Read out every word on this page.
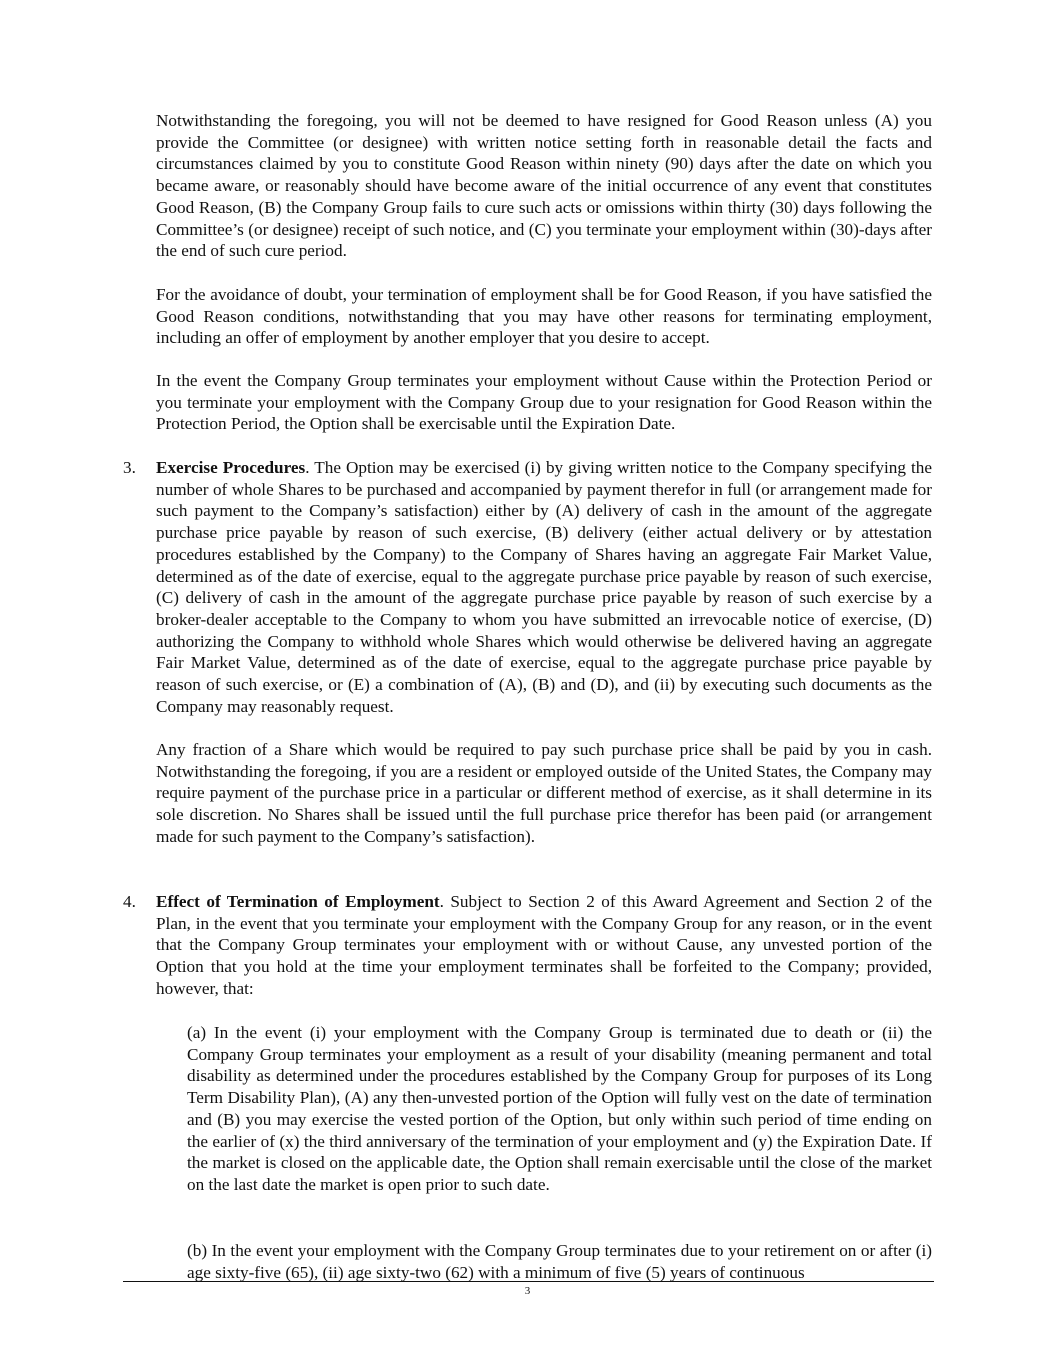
Notwithstanding the foregoing, you will not be deemed to have resigned for Good Reason unless (A) you provide the Committee (or designee) with written notice setting forth in reasonable detail the facts and circumstances claimed by you to constitute Good Reason within ninety (90) days after the date on which you became aware, or reasonably should have become aware of the initial occurrence of any event that constitutes Good Reason, (B) the Company Group fails to cure such acts or omissions within thirty (30) days following the Committee’s (or designee) receipt of such notice, and (C) you terminate your employment within (30)-days after the end of such cure period.

For the avoidance of doubt, your termination of employment shall be for Good Reason, if you have satisfied the Good Reason conditions, notwithstanding that you may have other reasons for terminating employment, including an offer of employment by another employer that you desire to accept.

In the event the Company Group terminates your employment without Cause within the Protection Period or you terminate your employment with the Company Group due to your resignation for Good Reason within the Protection Period, the Option shall be exercisable until the Expiration Date.

3. Exercise Procedures. The Option may be exercised (i) by giving written notice to the Company specifying the number of whole Shares to be purchased and accompanied by payment therefor in full (or arrangement made for such payment to the Company’s satisfaction) either by (A) delivery of cash in the amount of the aggregate purchase price payable by reason of such exercise, (B) delivery (either actual delivery or by attestation procedures established by the Company) to the Company of Shares having an aggregate Fair Market Value, determined as of the date of exercise, equal to the aggregate purchase price payable by reason of such exercise, (C) delivery of cash in the amount of the aggregate purchase price payable by reason of such exercise by a broker-dealer acceptable to the Company to whom you have submitted an irrevocable notice of exercise, (D) authorizing the Company to withhold whole Shares which would otherwise be delivered having an aggregate Fair Market Value, determined as of the date of exercise, equal to the aggregate purchase price payable by reason of such exercise, or (E) a combination of (A), (B) and (D), and (ii) by executing such documents as the Company may reasonably request.

Any fraction of a Share which would be required to pay such purchase price shall be paid by you in cash. Notwithstanding the foregoing, if you are a resident or employed outside of the United States, the Company may require payment of the purchase price in a particular or different method of exercise, as it shall determine in its sole discretion. No Shares shall be issued until the full purchase price therefor has been paid (or arrangement made for such payment to the Company’s satisfaction).

4. Effect of Termination of Employment. Subject to Section 2 of this Award Agreement and Section 2 of the Plan, in the event that you terminate your employment with the Company Group for any reason, or in the event that the Company Group terminates your employment with or without Cause, any unvested portion of the Option that you hold at the time your employment terminates shall be forfeited to the Company; provided, however, that:

(a) In the event (i) your employment with the Company Group is terminated due to death or (ii) the Company Group terminates your employment as a result of your disability (meaning permanent and total disability as determined under the procedures established by the Company Group for purposes of its Long Term Disability Plan), (A) any then-unvested portion of the Option will fully vest on the date of termination and (B) you may exercise the vested portion of the Option, but only within such period of time ending on the earlier of (x) the third anniversary of the termination of your employment and (y) the Expiration Date. If the market is closed on the applicable date, the Option shall remain exercisable until the close of the market on the last date the market is open prior to such date.

(b) In the event your employment with the Company Group terminates due to your retirement on or after (i) age sixty-five (65), (ii) age sixty-two (62) with a minimum of five (5) years of continuous

3
